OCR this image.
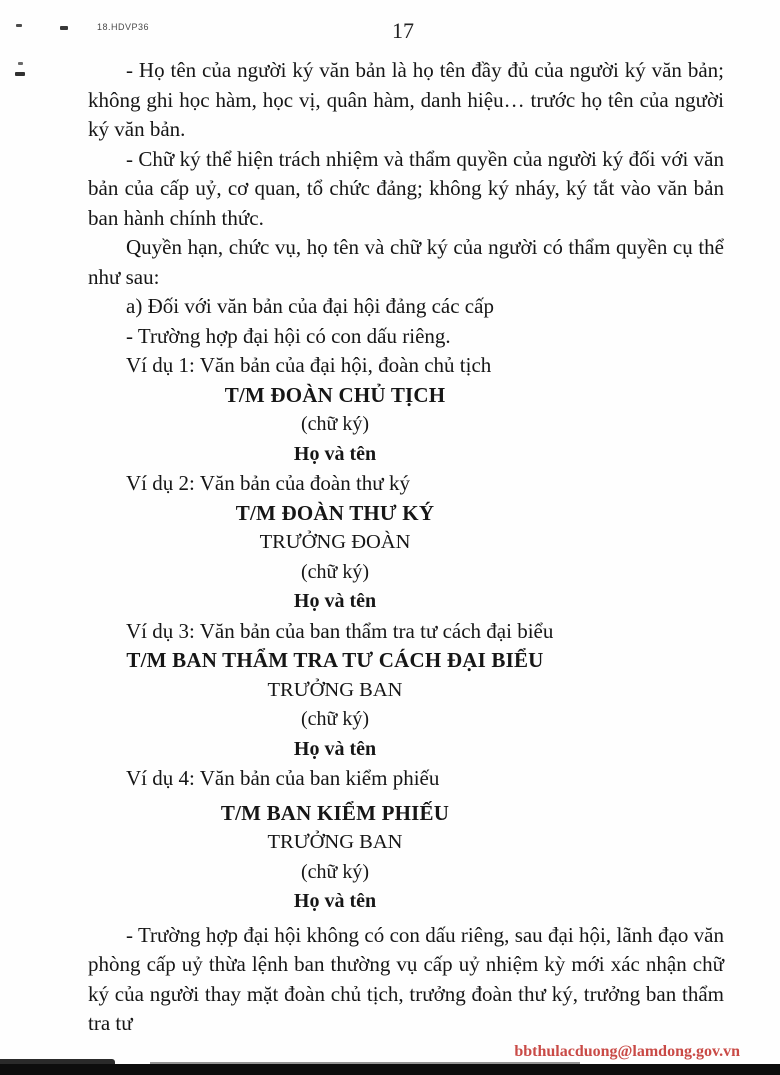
18.HDVP36	17

- Họ tên của người ký văn bản là họ tên đầy đủ của người ký văn bản; không ghi học hàm, học vị, quân hàm, danh hiệu… trước họ tên của người ký văn bản.

- Chữ ký thể hiện trách nhiệm và thẩm quyền của người ký đối với văn bản của cấp uỷ, cơ quan, tổ chức đảng; không ký nháy, ký tắt vào văn bản ban hành chính thức.

Quyền hạn, chức vụ, họ tên và chữ ký của người có thẩm quyền cụ thể như sau:

a) Đối với văn bản của đại hội đảng các cấp

- Trường hợp đại hội có con dấu riêng.

Ví dụ 1: Văn bản của đại hội, đoàn chủ tịch

T/M ĐOÀN CHỦ TỊCH
(chữ ký)
Họ và tên

Ví dụ 2: Văn bản của đoàn thư ký

T/M ĐOÀN THƯ KÝ
TRƯỞNG ĐOÀN
(chữ ký)
Họ và tên

Ví dụ 3: Văn bản của ban thẩm tra tư cách đại biểu

T/M BAN THẨM TRA TƯ CÁCH ĐẠI BIỂU
TRƯỞNG BAN
(chữ ký)
Họ và tên

Ví dụ 4: Văn bản của ban kiểm phiếu

T/M BAN KIỂM PHIẾU
TRƯỞNG BAN
(chữ ký)
Họ và tên

- Trường hợp đại hội không có con dấu riêng, sau đại hội, lãnh đạo văn phòng cấp uỷ thừa lệnh ban thường vụ cấp uỷ nhiệm kỳ mới xác nhận chữ ký của người thay mặt đoàn chủ tịch, trưởng đoàn thư ký, trưởng ban thẩm tra tư

bbthulacduong@lamdong.gov.vn
